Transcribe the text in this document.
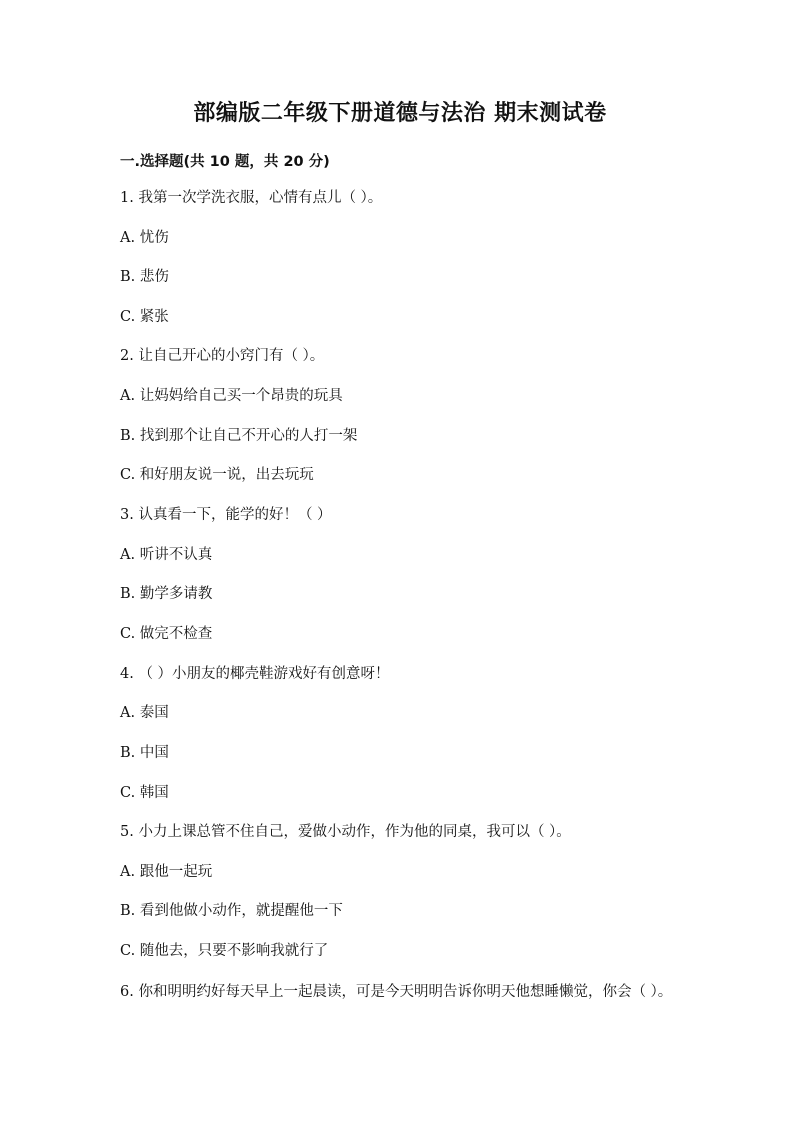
部编版二年级下册道德与法治 期末测试卷
一.选择题(共 10 题，共 20 分)
1. 我第一次学洗衣服，心情有点儿（ ）。
A. 忧伤
B. 悲伤
C. 紧张
2. 让自己开心的小窍门有（ ）。
A. 让妈妈给自己买一个昂贵的玩具
B. 找到那个让自己不开心的人打一架
C. 和好朋友说一说，出去玩玩
3. 认真看一下，能学的好！（ ）
A. 听讲不认真
B. 勤学多请教
C. 做完不检查
4. （ ）小朋友的椰壳鞋游戏好有创意呀！
A. 泰国
B. 中国
C. 韩国
5. 小力上课总管不住自己，爱做小动作，作为他的同桌，我可以（ ）。
A. 跟他一起玩
B. 看到他做小动作，就提醒他一下
C. 随他去，只要不影响我就行了
6. 你和明明约好每天早上一起晨读，可是今天明明告诉你明天他想睡懒觉，你会（ ）。
